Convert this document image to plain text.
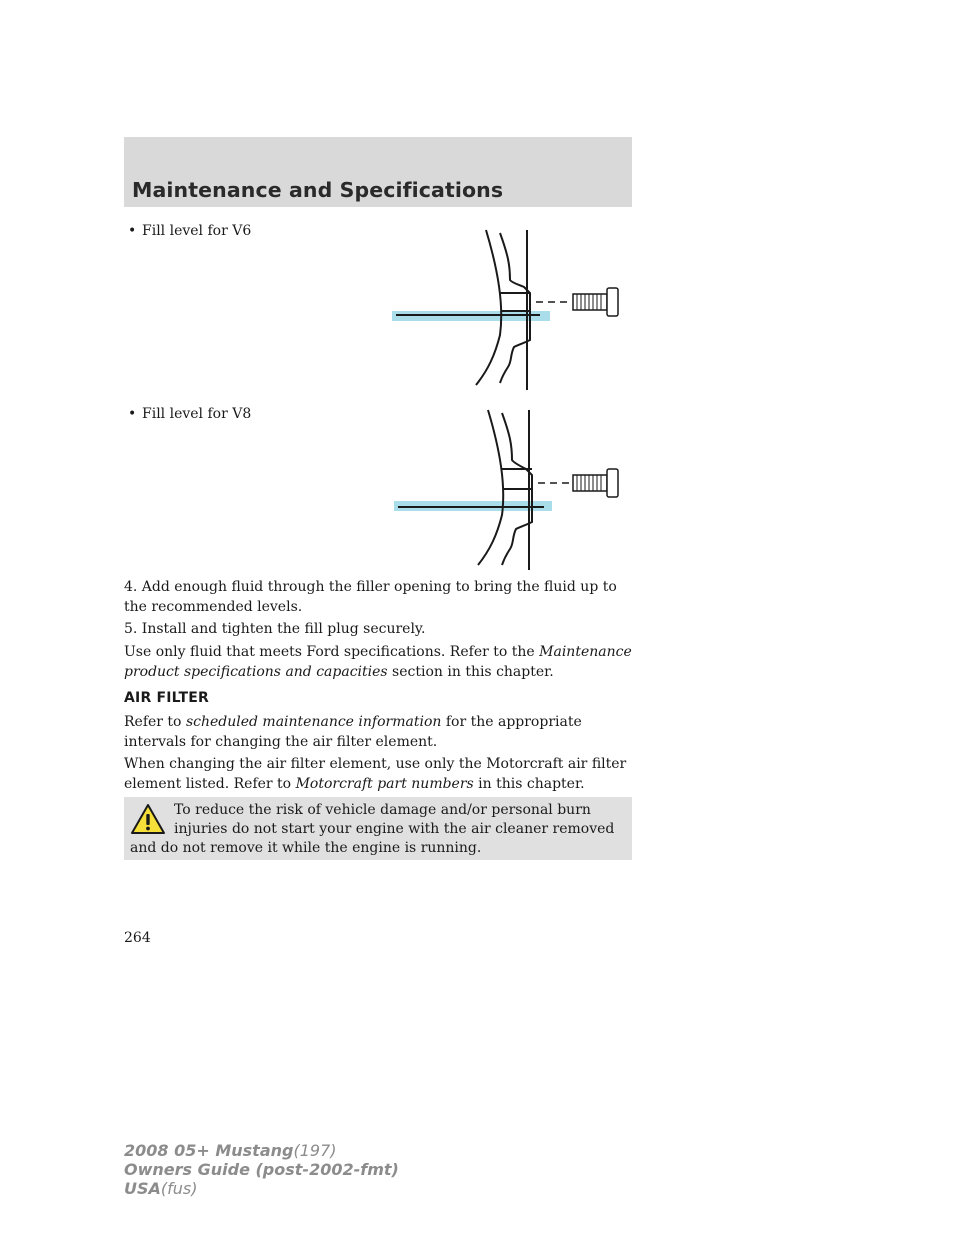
Maintenance and Specifications
• Fill level for V6
• Fill level for V8
4. Add enough fluid through the filler opening to bring the fluid up to
the recommended levels.
5. Install and tighten the fill plug securely.
Use only fluid that meets Ford specifications. Refer to the Maintenance
product specifications and capacities section in this chapter.
AIR FILTER
Refer to scheduled maintenance information for the appropriate
intervals for changing the air filter element.
When changing the air filter element, use only the Motorcraft air filter
element listed. Refer to Motorcraft part numbers in this chapter.
To reduce the risk of vehicle damage and/or personal burn
injuries do not start your engine with the air cleaner removed
and do not remove it while the engine is running.
264
2008 05+ Mustang(197)
Owners Guide (post-2002-fmt)
USA(fus)
